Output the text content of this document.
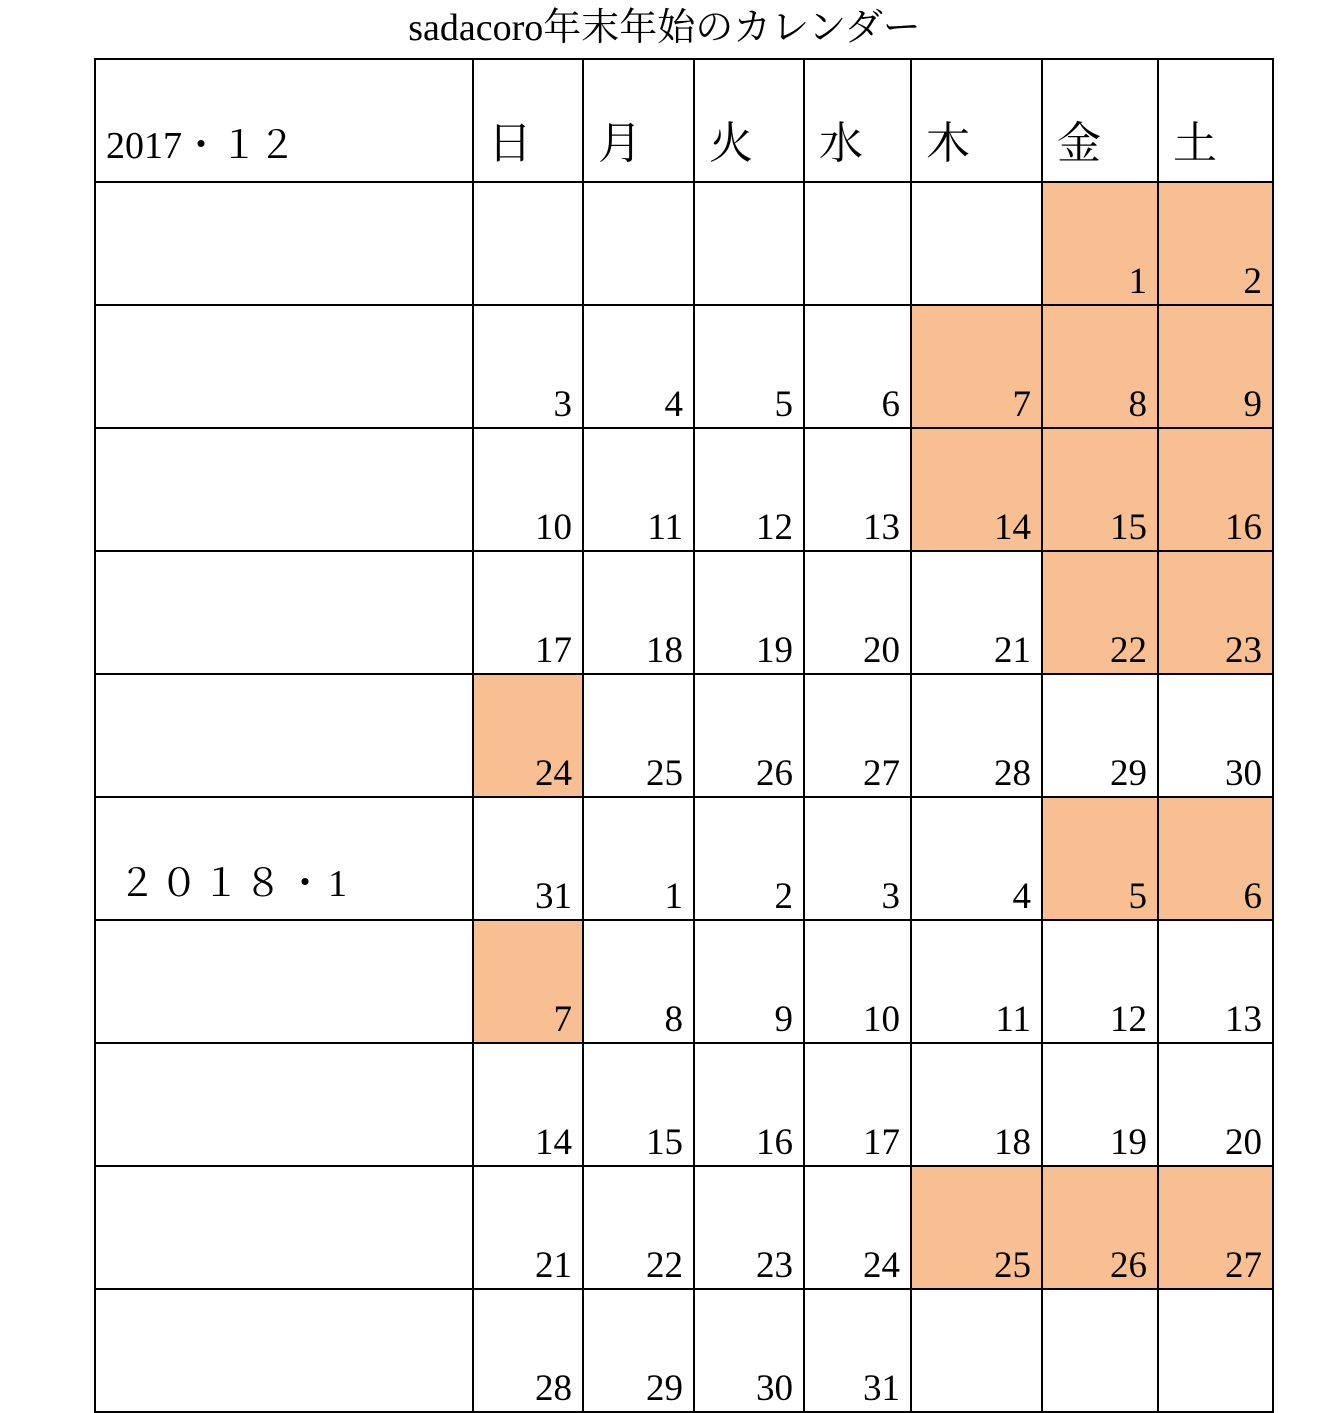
sadacoro年末年始のカレンダー
2017・１２	日	月	火	水	木	金	土

						1	2

	3	4	5	6	7	8	9

	10	11	12	13	14	15	16

	17	18	19	20	21	22	23

	24	25	26	27	28	29	30

２０１８・1	31	1	2	3	4	5	6

	7	8	9	10	11	12	13

	14	15	16	17	18	19	20

	21	22	23	24	25	26	27

	28	29	30	31			
